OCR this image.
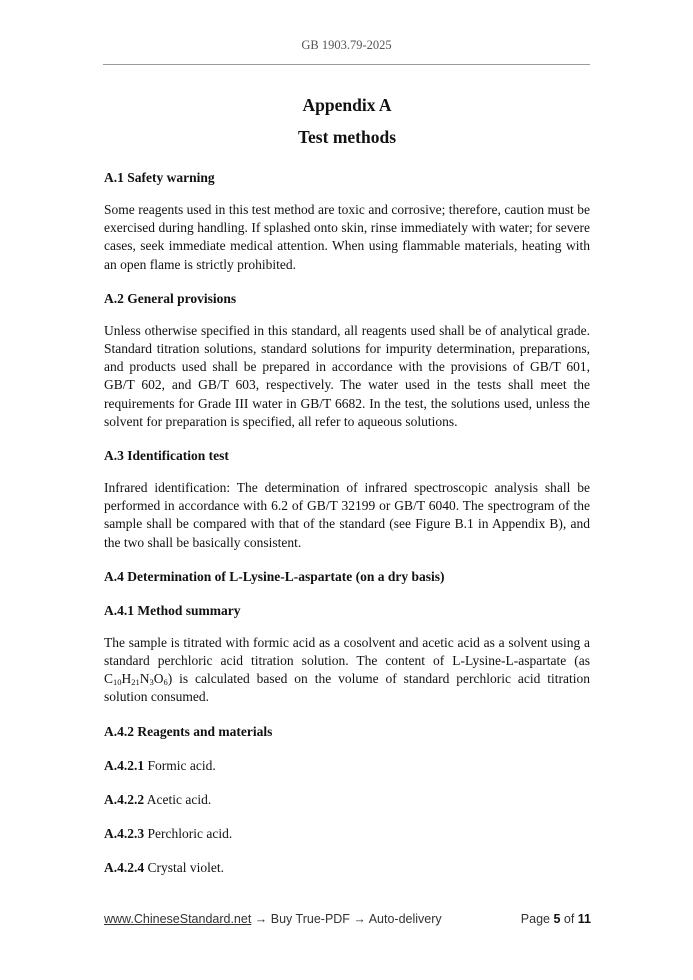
GB 1903.79-2025
Appendix A
Test methods
A.1 Safety warning

Some reagents used in this test method are toxic and corrosive; therefore, caution must be exercised during handling. If splashed onto skin, rinse immediately with water; for severe cases, seek immediate medical attention. When using flammable materials, heating with an open flame is strictly prohibited.

A.2 General provisions

Unless otherwise specified in this standard, all reagents used shall be of analytical grade. Standard titration solutions, standard solutions for impurity determination, preparations, and products used shall be prepared in accordance with the provisions of GB/T 601, GB/T 602, and GB/T 603, respectively. The water used in the tests shall meet the requirements for Grade III water in GB/T 6682. In the test, the solutions used, unless the solvent for preparation is specified, all refer to aqueous solutions.

A.3 Identification test

Infrared identification: The determination of infrared spectroscopic analysis shall be performed in accordance with 6.2 of GB/T 32199 or GB/T 6040. The spectrogram of the sample shall be compared with that of the standard (see Figure B.1 in Appendix B), and the two shall be basically consistent.

A.4 Determination of L-Lysine-L-aspartate (on a dry basis)
A.4.1 Method summary

The sample is titrated with formic acid as a cosolvent and acetic acid as a solvent using a standard perchloric acid titration solution. The content of L-Lysine-L-aspartate (as $C_{10}H_{21}N_3O_6$) is calculated based on the volume of standard perchloric acid titration solution consumed.

A.4.2 Reagents and materials
A.4.2.1 Formic acid.
A.4.2.2 Acetic acid.
A.4.2.3 Perchloric acid.
A.4.2.4 Crystal violet.
www.ChineseStandard.net → Buy True-PDF → Auto-delivery	Page 5 of 11
